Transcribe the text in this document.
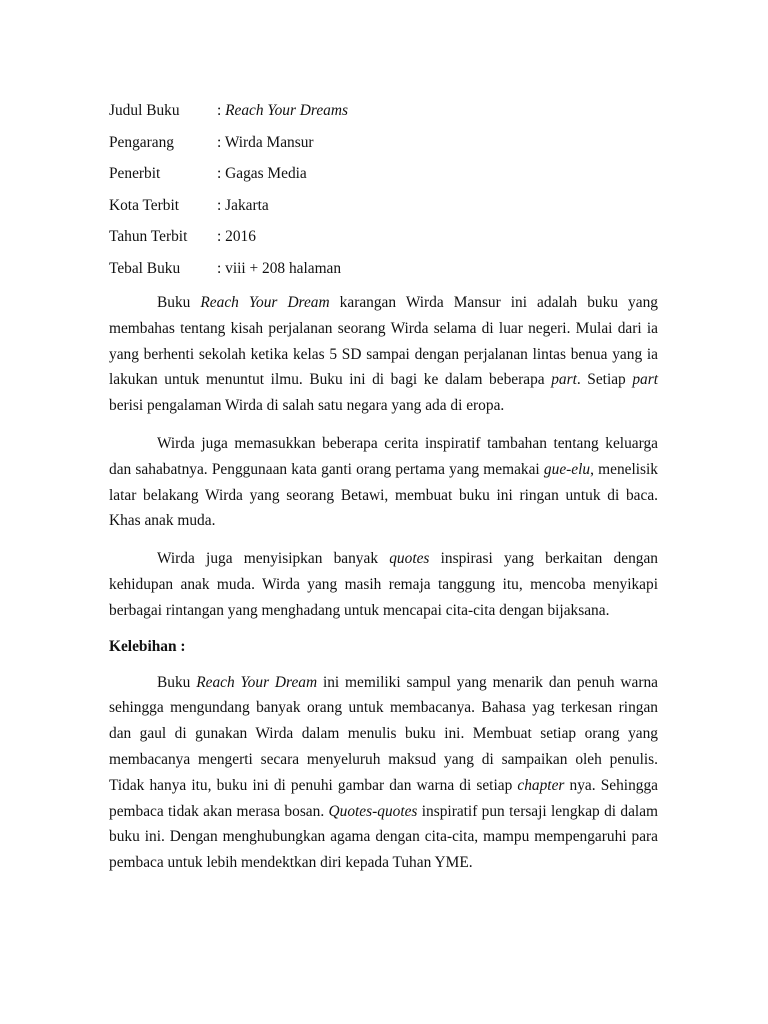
Judul Buku	: Reach Your Dreams
Pengarang	: Wirda Mansur
Penerbit	: Gagas Media
Kota Terbit	: Jakarta
Tahun Terbit	: 2016
Tebal Buku	: viii + 208 halaman

Buku Reach Your Dream karangan Wirda Mansur ini adalah buku yang membahas tentang kisah perjalanan seorang Wirda selama di luar negeri. Mulai dari ia yang berhenti sekolah ketika kelas 5 SD sampai dengan perjalanan lintas benua yang ia lakukan untuk menuntut ilmu. Buku ini di bagi ke dalam beberapa part. Setiap part berisi pengalaman Wirda di salah satu negara yang ada di eropa.

Wirda juga memasukkan beberapa cerita inspiratif tambahan tentang keluarga dan sahabatnya. Penggunaan kata ganti orang pertama yang memakai gue-elu, menelisik latar belakang Wirda yang seorang Betawi, membuat buku ini ringan untuk di baca. Khas anak muda.

Wirda juga menyisipkan banyak quotes inspirasi yang berkaitan dengan kehidupan anak muda. Wirda yang masih remaja tanggung itu, mencoba menyikapi berbagai rintangan yang menghadang untuk mencapai cita-cita dengan bijaksana.

Kelebihan :

Buku Reach Your Dream ini memiliki sampul yang menarik dan penuh warna sehingga mengundang banyak orang untuk membacanya. Bahasa yag terkesan ringan dan gaul di gunakan Wirda dalam menulis buku ini. Membuat setiap orang yang membacanya mengerti secara menyeluruh maksud yang di sampaikan oleh penulis. Tidak hanya itu, buku ini di penuhi gambar dan warna di setiap chapter nya. Sehingga pembaca tidak akan merasa bosan. Quotes-quotes inspiratif pun tersaji lengkap di dalam buku ini. Dengan menghubungkan agama dengan cita-cita, mampu mempengaruhi para pembaca untuk lebih mendektkan diri kepada Tuhan YME.
